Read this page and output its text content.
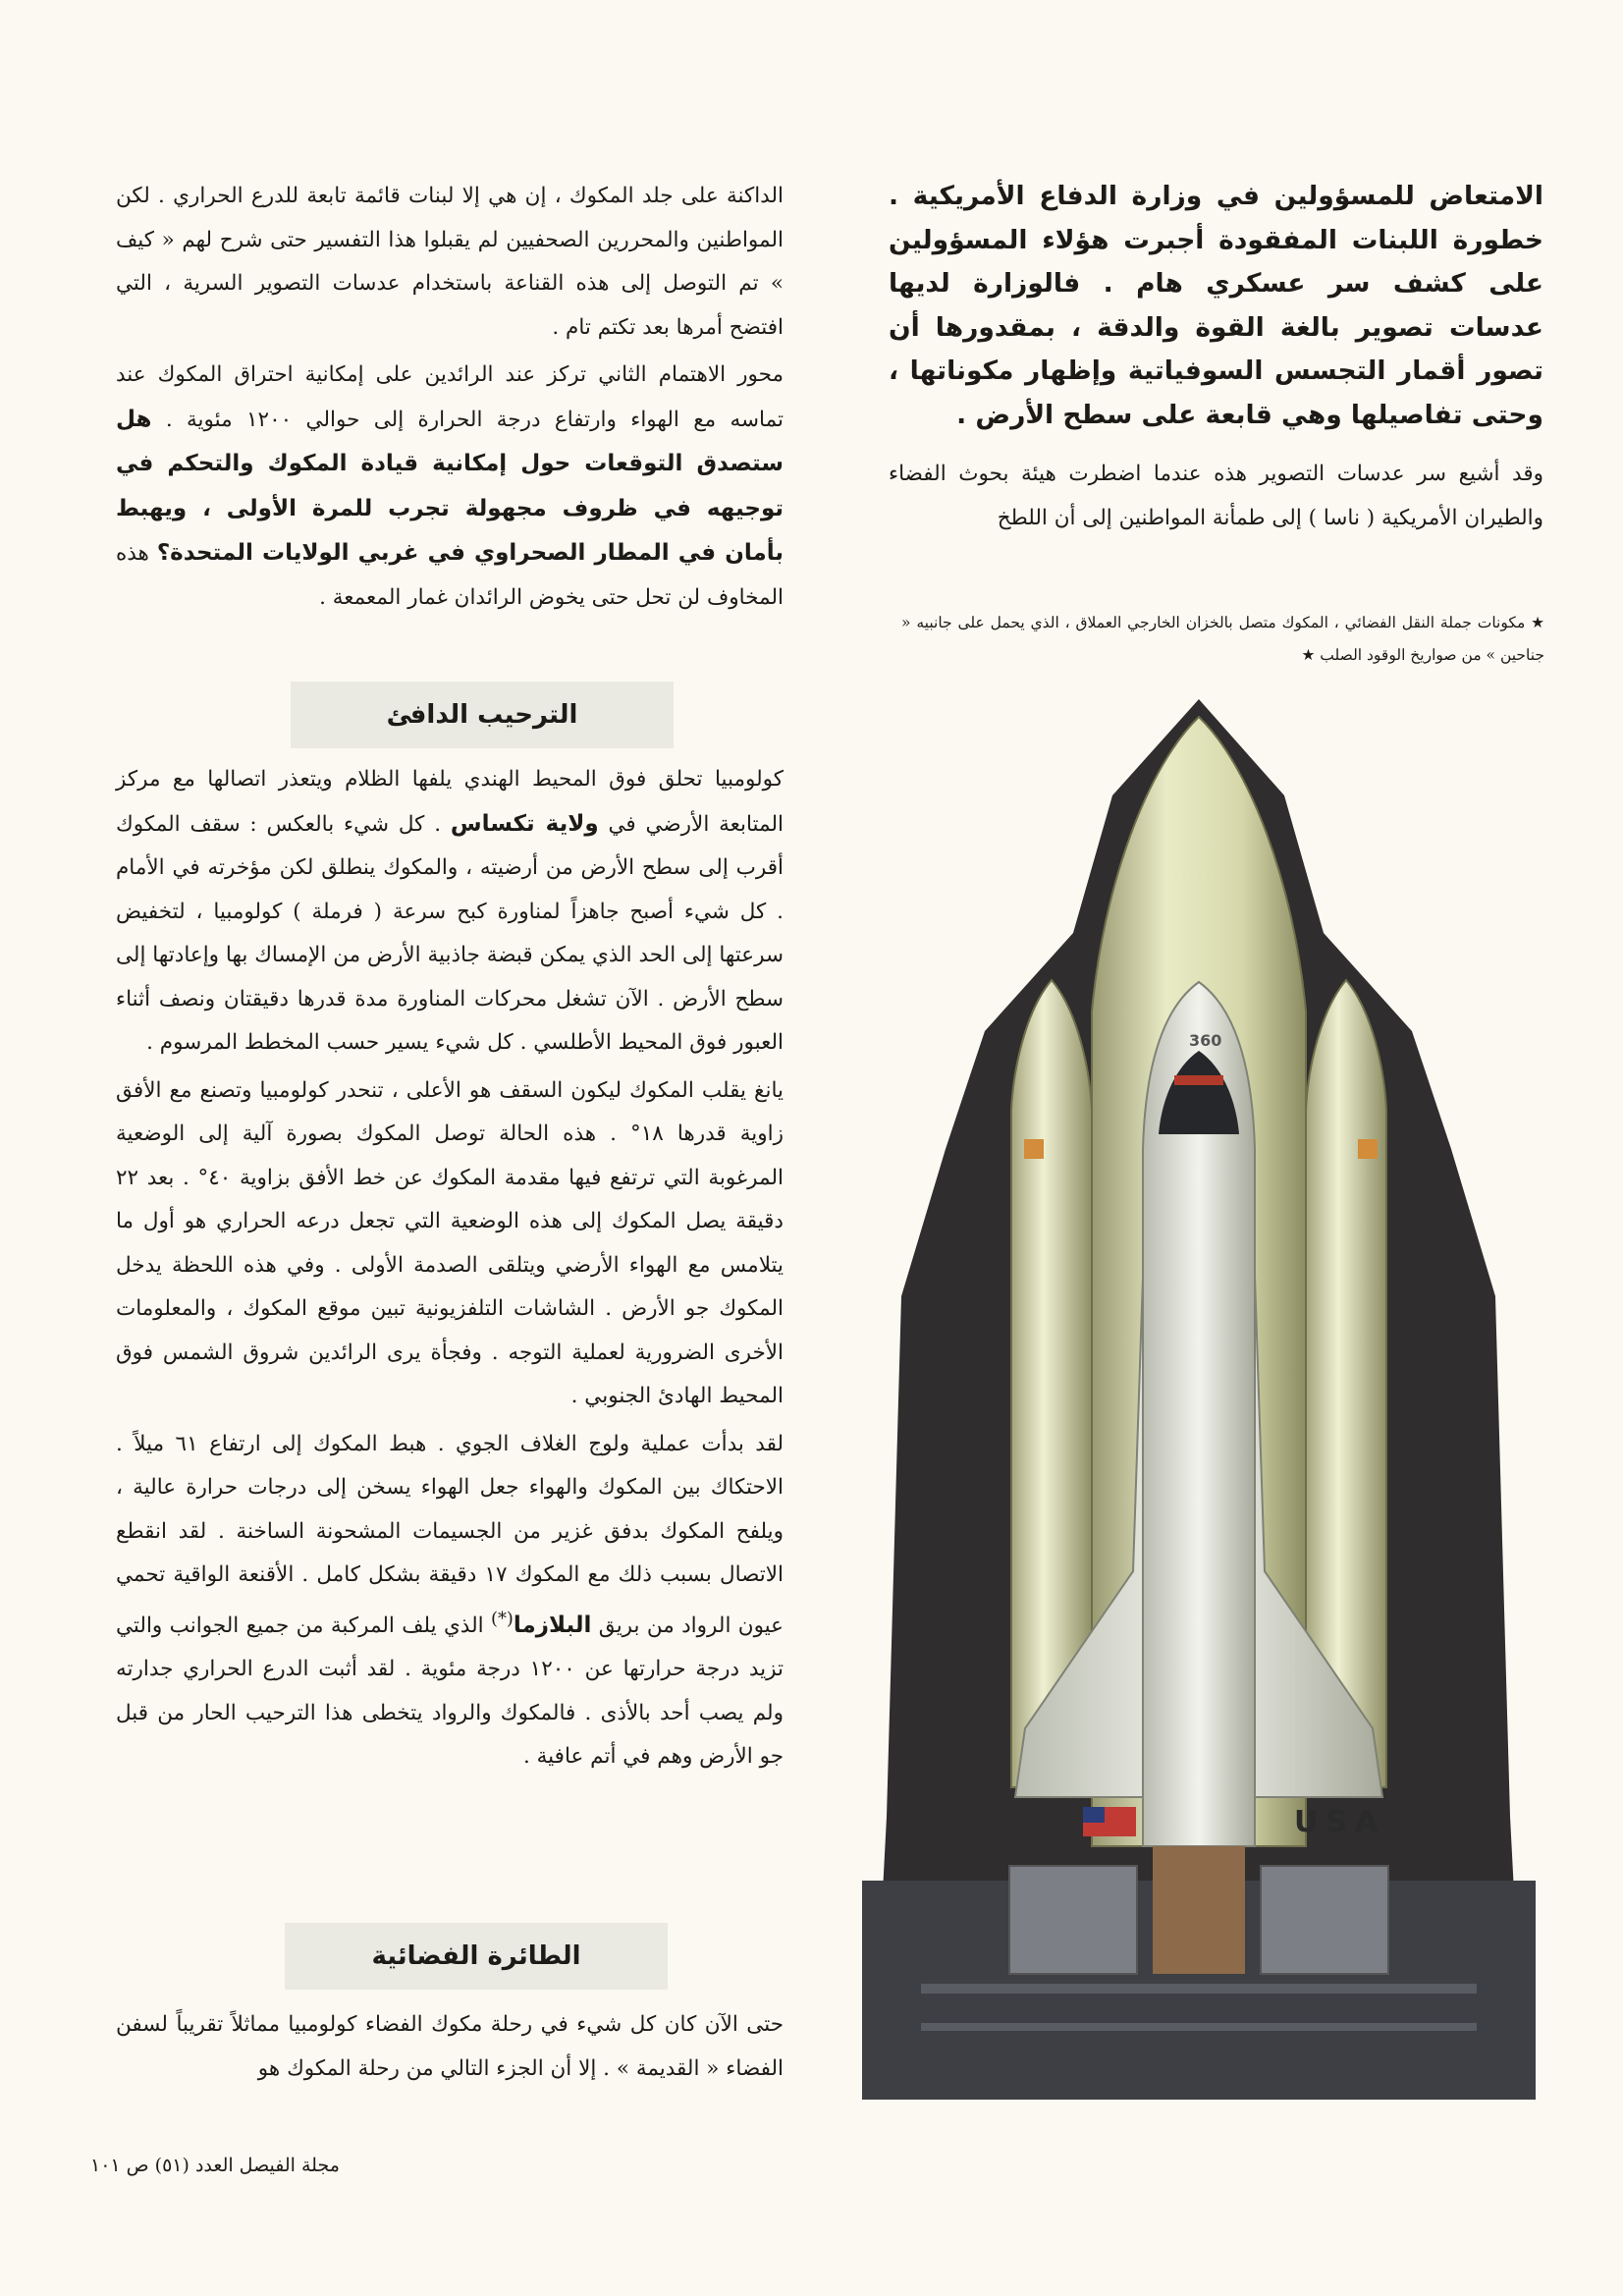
الامتعاض للمسؤولين في وزارة الدفاع الأمريكية . خطورة اللبنات المفقودة أجبرت هؤلاء المسؤولين على كشف سر عسكري هام . فالوزارة لديها عدسات تصوير بالغة القوة والدقة ، بمقدورها أن تصور أقمار التجسس السوفياتية وإظهار مكوناتها ، وحتى تفاصيلها وهي قابعة على سطح الأرض .

وقد أشيع سر عدسات التصوير هذه عندما اضطرت هيئة بحوث الفضاء والطيران الأمريكية ( ناسا ) إلى طمأنة المواطنين إلى أن اللطخ

★ مكونات جملة النقل الفضائي ، المكوك متصل بالخزان الخارجي العملاق ، الذي يحمل على جانبيه « جناحين » من صواريخ الوقود الصلب ★

الداكنة على جلد المكوك ، إن هي إلا لبنات قائمة تابعة للدرع الحراري . لكن المواطنين والمحررين الصحفيين لم يقبلوا هذا التفسير حتى شرح لهم « كيف » تم التوصل إلى هذه القناعة باستخدام عدسات التصوير السرية ، التي افتضح أمرها بعد تكتم تام .

محور الاهتمام الثاني تركز عند الرائدين على إمكانية احتراق المكوك عند تماسه مع الهواء وارتفاع درجة الحرارة إلى حوالي ١٢٠٠ مئوية . هل ستصدق التوقعات حول إمكانية قيادة المكوك والتحكم في توجيهه في ظروف مجهولة تجرب للمرة الأولى ، ويهبط بأمان في المطار الصحراوي في غربي الولايات المتحدة؟ هذه المخاوف لن تحل حتى يخوض الرائدان غمار المعمعة .

الترحيب الدافئ

كولومبيا تحلق فوق المحيط الهندي يلفها الظلام ويتعذر اتصالها مع مركز المتابعة الأرضي في ولاية تكساس . كل شيء بالعكس : سقف المكوك أقرب إلى سطح الأرض من أرضيته ، والمكوك ينطلق لكن مؤخرته في الأمام . كل شيء أصبح جاهزاً لمناورة كبح سرعة ( فرملة ) كولومبيا ، لتخفيض سرعتها إلى الحد الذي يمكن قبضة جاذبية الأرض من الإمساك بها وإعادتها إلى سطح الأرض . الآن تشغل محركات المناورة مدة قدرها دقيقتان ونصف أثناء العبور فوق المحيط الأطلسي . كل شيء يسير حسب المخطط المرسوم .

يانغ يقلب المكوك ليكون السقف هو الأعلى ، تنحدر كولومبيا وتصنع مع الأفق زاوية قدرها ١٨° . هذه الحالة توصل المكوك بصورة آلية إلى الوضعية المرغوبة التي ترتفع فيها مقدمة المكوك عن خط الأفق بزاوية ٤٠° . بعد ٢٢ دقيقة يصل المكوك إلى هذه الوضعية التي تجعل درعه الحراري هو أول ما يتلامس مع الهواء الأرضي ويتلقى الصدمة الأولى . وفي هذه اللحظة يدخل المكوك جو الأرض . الشاشات التلفزيونية تبين موقع المكوك ، والمعلومات الأخرى الضرورية لعملية التوجه . وفجأة يرى الرائدين شروق الشمس فوق المحيط الهادئ الجنوبي .

لقد بدأت عملية ولوج الغلاف الجوي . هبط المكوك إلى ارتفاع ٦١ ميلاً . الاحتكاك بين المكوك والهواء جعل الهواء يسخن إلى درجات حرارة عالية ، ويلفح المكوك بدفق غزير من الجسيمات المشحونة الساخنة . لقد انقطع الاتصال بسبب ذلك مع المكوك ١٧ دقيقة بشكل كامل . الأقنعة الواقية تحمي عيون الرواد من بريق البلازما(*) الذي يلف المركبة من جميع الجوانب والتي تزيد درجة حرارتها عن ١٢٠٠ درجة مئوية . لقد أثبت الدرع الحراري جدارته ولم يصب أحد بالأذى . فالمكوك والرواد يتخطى هذا الترحيب الحار من قبل جو الأرض وهم في أتم عافية .

الطائرة الفضائية

حتى الآن كان كل شيء في رحلة مكوك الفضاء كولومبيا مماثلاً تقريباً لسفن الفضاء « القديمة » . إلا أن الجزء التالي من رحلة المكوك هو

مجلة الفيصل العدد (٥١) ص ١٠١
360
USA
